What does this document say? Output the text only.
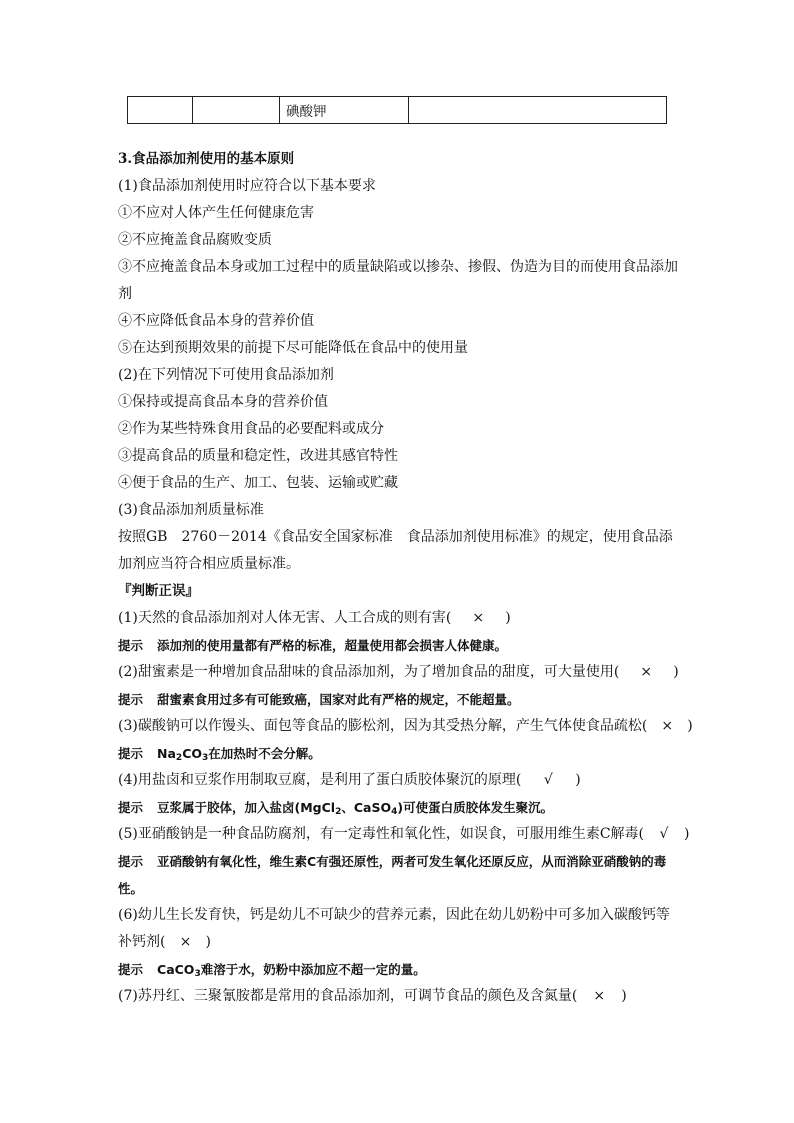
		碘酸钾	
3.食品添加剂使用的基本原则
(1)食品添加剂使用时应符合以下基本要求
①不应对人体产生任何健康危害
②不应掩盖食品腐败变质
③不应掩盖食品本身或加工过程中的质量缺陷或以掺杂、掺假、伪造为目的而使用食品添加剂
④不应降低食品本身的营养价值
⑤在达到预期效果的前提下尽可能降低在食品中的使用量
(2)在下列情况下可使用食品添加剂
①保持或提高食品本身的营养价值
②作为某些特殊食用食品的必要配料或成分
③提高食品的质量和稳定性，改进其感官特性
④便于食品的生产、加工、包装、运输或贮藏
(3)食品添加剂质量标准
按照GB　2760－2014《食品安全国家标准　食品添加剂使用标准》的规定，使用食品添加剂应当符合相应质量标准。
『判断正误』
(1)天然的食品添加剂对人体无害、人工合成的则有害( × )
提示 添加剂的使用量都有严格的标准，超量使用都会损害人体健康。
(2)甜蜜素是一种增加食品甜味的食品添加剂，为了增加食品的甜度，可大量使用( × )
提示 甜蜜素食用过多有可能致癌，国家对此有严格的规定，不能超量。
(3)碳酸钠可以作馒头、面包等食品的膨松剂，因为其受热分解，产生气体使食品疏松( × )
提示 $Na_2CO_3$在加热时不会分解。
(4)用盐卤和豆浆作用制取豆腐，是利用了蛋白质胶体聚沉的原理( √ )
提示 豆浆属于胶体，加入盐卤(MgCl$_2$、CaSO$_4$)可使蛋白质胶体发生聚沉。
(5)亚硝酸钠是一种食品防腐剂，有一定毒性和氧化性，如误食，可服用维生素C解毒( √ )
提示 亚硝酸钠有氧化性，维生素C有强还原性，两者可发生氧化还原反应，从而消除亚硝酸钠的毒性。
(6)幼儿生长发育快，钙是幼儿不可缺少的营养元素，因此在幼儿奶粉中可多加入碳酸钙等补钙剂( × )
提示 CaCO$_3$难溶于水，奶粉中添加应不超一定的量。
(7)苏丹红、三聚氰胺都是常用的食品添加剂，可调节食品的颜色及含氮量( × )
